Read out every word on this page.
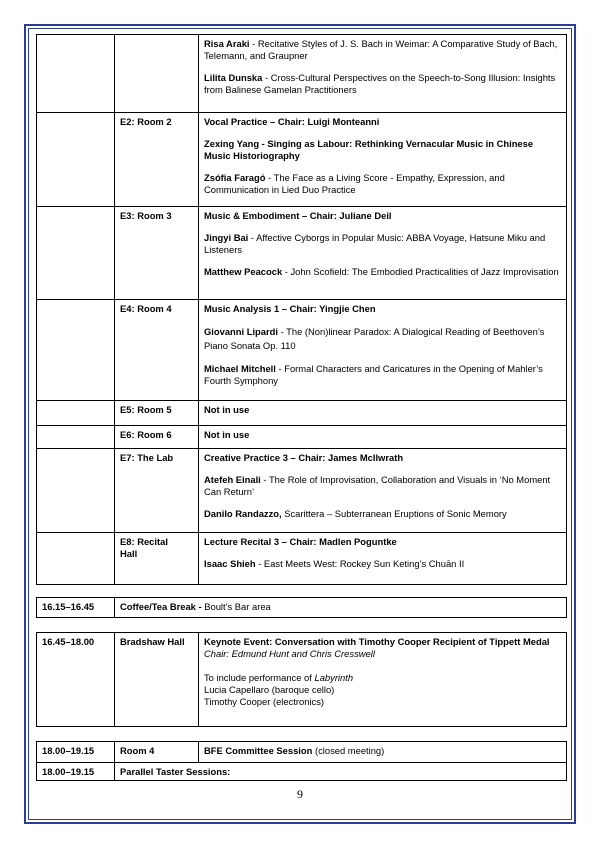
		Risa Araki - Recitative Styles of J. S. Bach in Weimar: A Comparative Study of Bach, Telemann, and Graupner

Lilita Dunska - Cross-Cultural Perspectives on the Speech-to-Song Illusion: Insights from Balinese Gamelan Practitioners

	E2: Room 2	Vocal Practice – Chair: Luigi Monteanni

Zexing Yang - Singing as Labour: Rethinking Vernacular Music in Chinese Music Historiography

Zsófia Faragó - The Face as a Living Score - Empathy, Expression, and Communication in Lied Duo Practice

	E3: Room 3	Music & Embodiment – Chair: Juliane Deil

Jingyi Bai - Affective Cyborgs in Popular Music: ABBA Voyage, Hatsune Miku and Listeners

Matthew Peacock - John Scofield: The Embodied Practicalities of Jazz Improvisation

	E4: Room 4	Music Analysis 1 – Chair: Yingjie Chen

Giovanni Lipardi - The (Non)linear Paradox: A Dialogical Reading of Beethoven’s Piano Sonata Op. 110

Michael Mitchell - Formal Characters and Caricatures in the Opening of Mahler’s Fourth Symphony

	E5: Room 5	Not in use
	E6: Room 6	Not in use
	E7: The Lab	Creative Practice 3 – Chair: James McIlwrath

Atefeh Einali - The Role of Improvisation, Collaboration and Visuals in ‘No Moment Can Return’

Danilo Randazzo, Scarittera – Subterranean Eruptions of Sonic Memory

	E8: Recital Hall	Lecture Recital 3 – Chair: Madlen Poguntke

Isaac Shieh - East Meets West: Rockey Sun Keting’s Chuān II

16.15–16.45	Coffee/Tea Break - Boult’s Bar area
16.45–18.00	Bradshaw Hall	Keynote Event: Conversation with Timothy Cooper Recipient of Tippett Medal
Chair: Edmund Hunt and Chris Cresswell
To include performance of Labyrinth
Lucia Capellaro (baroque cello)
Timothy Cooper (electronics)
18.00–19.15	Room 4	BFE Committee Session (closed meeting)
18.00–19.15	Parallel Taster Sessions:	
9
